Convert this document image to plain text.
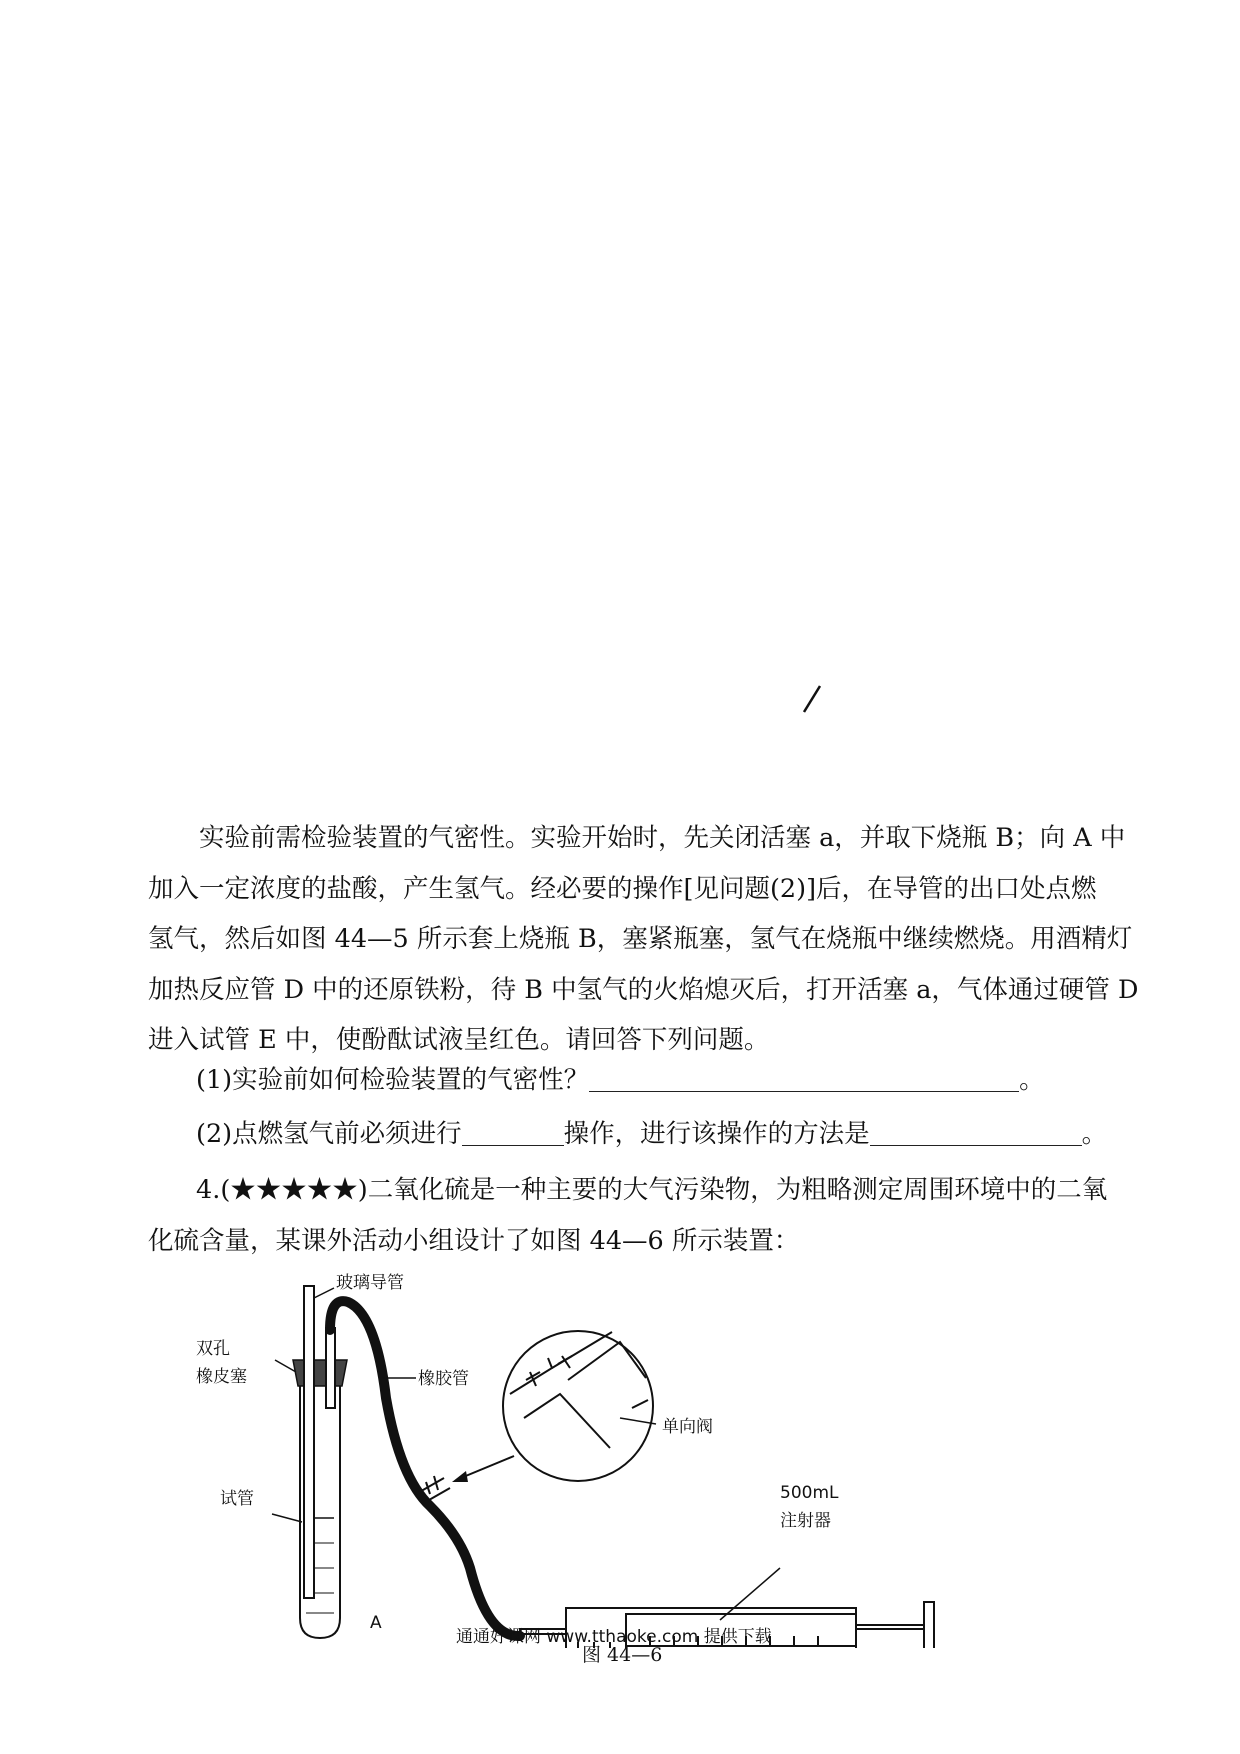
　　实验前需检验装置的气密性。实验开始时，先关闭活塞 a，并取下烧瓶 B；向 A 中
加入一定浓度的盐酸，产生氢气。经必要的操作[见问题(2)]后，在导管的出口处点燃
氢气，然后如图 44—5 所示套上烧瓶 B，塞紧瓶塞，氢气在烧瓶中继续燃烧。用酒精灯
加热反应管 D 中的还原铁粉，待 B 中氢气的火焰熄灭后，打开活塞 a，气体通过硬管 D
进入试管 E 中，使酚酞试液呈红色。请回答下列问题。

(1)实验前如何检验装置的气密性？	。

(2)点燃氢气前必须进行	操作，进行该操作的方法是	。

4.(★★★★★)二氧化硫是一种主要的大气污染物，为粗略测定周围环境中的二氧
化硫含量，某课外活动小组设计了如图 44—6 所示装置：
玻璃导管
双孔
橡皮塞	橡胶管
单向阀
试管	500mL
注射器
A
通通好课网 www.tthaoke.com 提供下载
图 44—6
